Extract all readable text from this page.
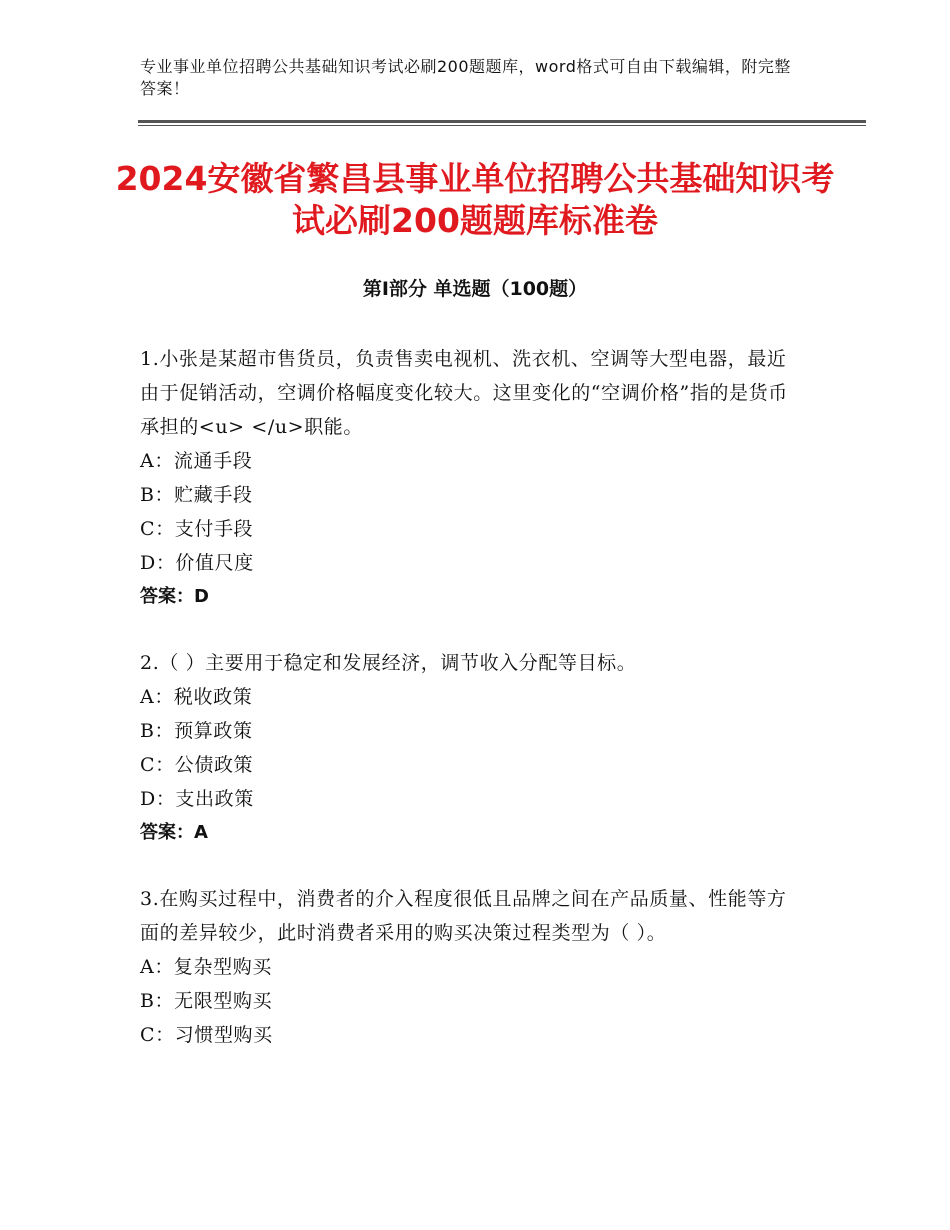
专业事业单位招聘公共基础知识考试必刷200题题库，word格式可自由下载编辑，附完整答案！
2024安徽省繁昌县事业单位招聘公共基础知识考试必刷200题题库标准卷
第Ⅰ部分 单选题（100题）
1.小张是某超市售货员，负责售卖电视机、洗衣机、空调等大型电器，最近由于促销活动，空调价格幅度变化较大。这里变化的“空调价格”指的是货币承担的<u> </u>职能。
A：流通手段
B：贮藏手段
C：支付手段
D：价值尺度
答案：D
2.（ ）主要用于稳定和发展经济，调节收入分配等目标。
A：税收政策
B：预算政策
C：公债政策
D：支出政策
答案：A
3.在购买过程中，消费者的介入程度很低且品牌之间在产品质量、性能等方面的差异较少，此时消费者采用的购买决策过程类型为（ ）。
A：复杂型购买
B：无限型购买
C：习惯型购买
